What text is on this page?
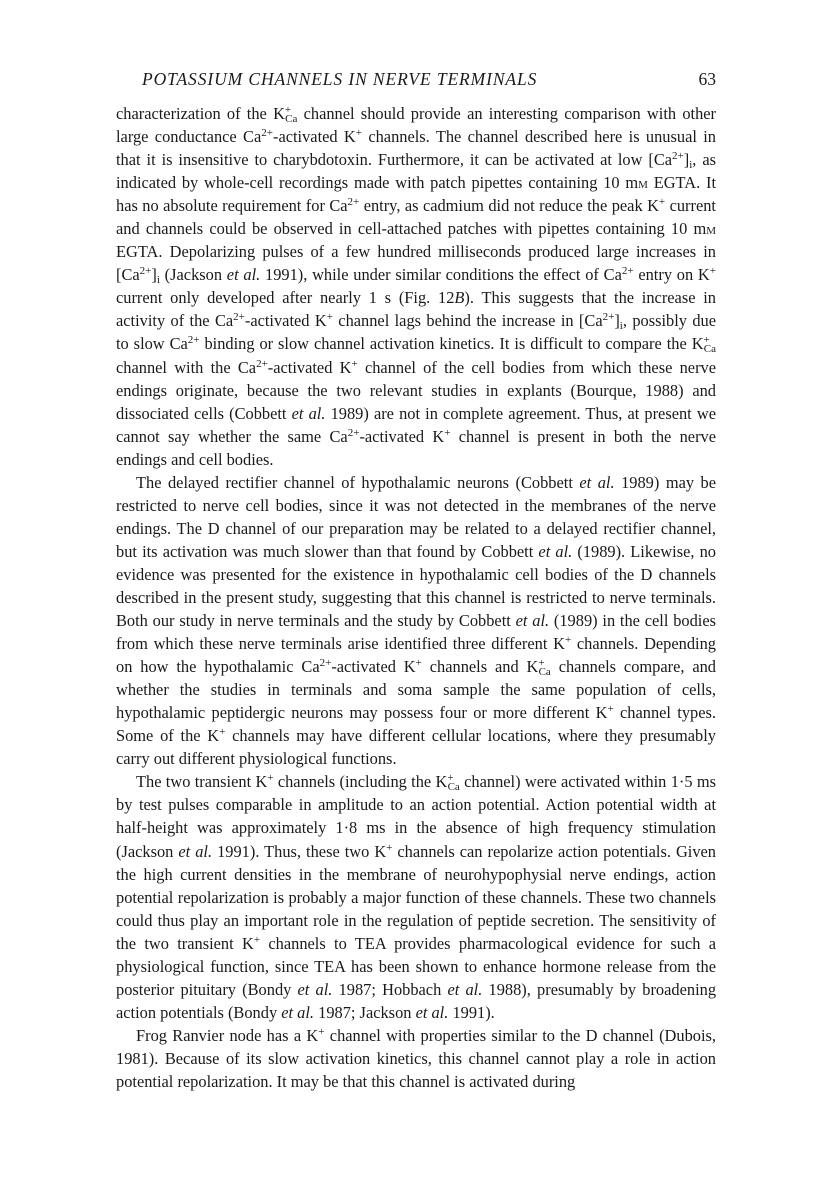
POTASSIUM CHANNELS IN NERVE TERMINALS	63

characterization of the $K^+_{Ca}$ channel should provide an interesting comparison with other large conductance $Ca^{2+}$-activated K+ channels. The channel described here is unusual in that it is insensitive to charybdotoxin. Furthermore, it can be activated at low $[Ca^{2+}]_i$, as indicated by whole-cell recordings made with patch pipettes containing 10 mm EGTA. It has no absolute requirement for $Ca^{2+}$ entry, as cadmium did not reduce the peak K+ current and channels could be observed in cell-attached patches with pipettes containing 10 mm EGTA. Depolarizing pulses of a few hundred milliseconds produced large increases in $[Ca^{2+}]_i$ (Jackson et al. 1991), while under similar conditions the effect of $Ca^{2+}$ entry on K+ current only developed after nearly 1 s (Fig. 12B). This suggests that the increase in activity of the $Ca^{2+}$-activated K+ channel lags behind the increase in $[Ca^{2+}]_i$, possibly due to slow $Ca^{2+}$ binding or slow channel activation kinetics. It is difficult to compare the $K^+_{Ca}$ channel with the $Ca^{2+}$-activated K+ channel of the cell bodies from which these nerve endings originate, because the two relevant studies in explants (Bourque, 1988) and dissociated cells (Cobbett et al. 1989) are not in complete agreement. Thus, at present we cannot say whether the same $Ca^{2+}$-activated K+ channel is present in both the nerve endings and cell bodies.

The delayed rectifier channel of hypothalamic neurons (Cobbett et al. 1989) may be restricted to nerve cell bodies, since it was not detected in the membranes of the nerve endings. The D channel of our preparation may be related to a delayed rectifier channel, but its activation was much slower than that found by Cobbett et al. (1989). Likewise, no evidence was presented for the existence in hypothalamic cell bodies of the D channels described in the present study, suggesting that this channel is restricted to nerve terminals. Both our study in nerve terminals and the study by Cobbett et al. (1989) in the cell bodies from which these nerve terminals arise identified three different K+ channels. Depending on how the hypothalamic $Ca^{2+}$-activated K+ channels and $K^+_{Ca}$ channels compare, and whether the studies in terminals and soma sample the same population of cells, hypothalamic peptidergic neurons may possess four or more different K+ channel types. Some of the K+ channels may have different cellular locations, where they presumably carry out different physiological functions.

The two transient K+ channels (including the $K^+_{Ca}$ channel) were activated within 1·5 ms by test pulses comparable in amplitude to an action potential. Action potential width at half-height was approximately 1·8 ms in the absence of high frequency stimulation (Jackson et al. 1991). Thus, these two K+ channels can repolarize action potentials. Given the high current densities in the membrane of neurohypophysial nerve endings, action potential repolarization is probably a major function of these channels. These two channels could thus play an important role in the regulation of peptide secretion. The sensitivity of the two transient K+ channels to TEA provides pharmacological evidence for such a physiological function, since TEA has been shown to enhance hormone release from the posterior pituitary (Bondy et al. 1987; Hobbach et al. 1988), presumably by broadening action potentials (Bondy et al. 1987; Jackson et al. 1991).

Frog Ranvier node has a K+ channel with properties similar to the D channel (Dubois, 1981). Because of its slow activation kinetics, this channel cannot play a role in action potential repolarization. It may be that this channel is activated during
